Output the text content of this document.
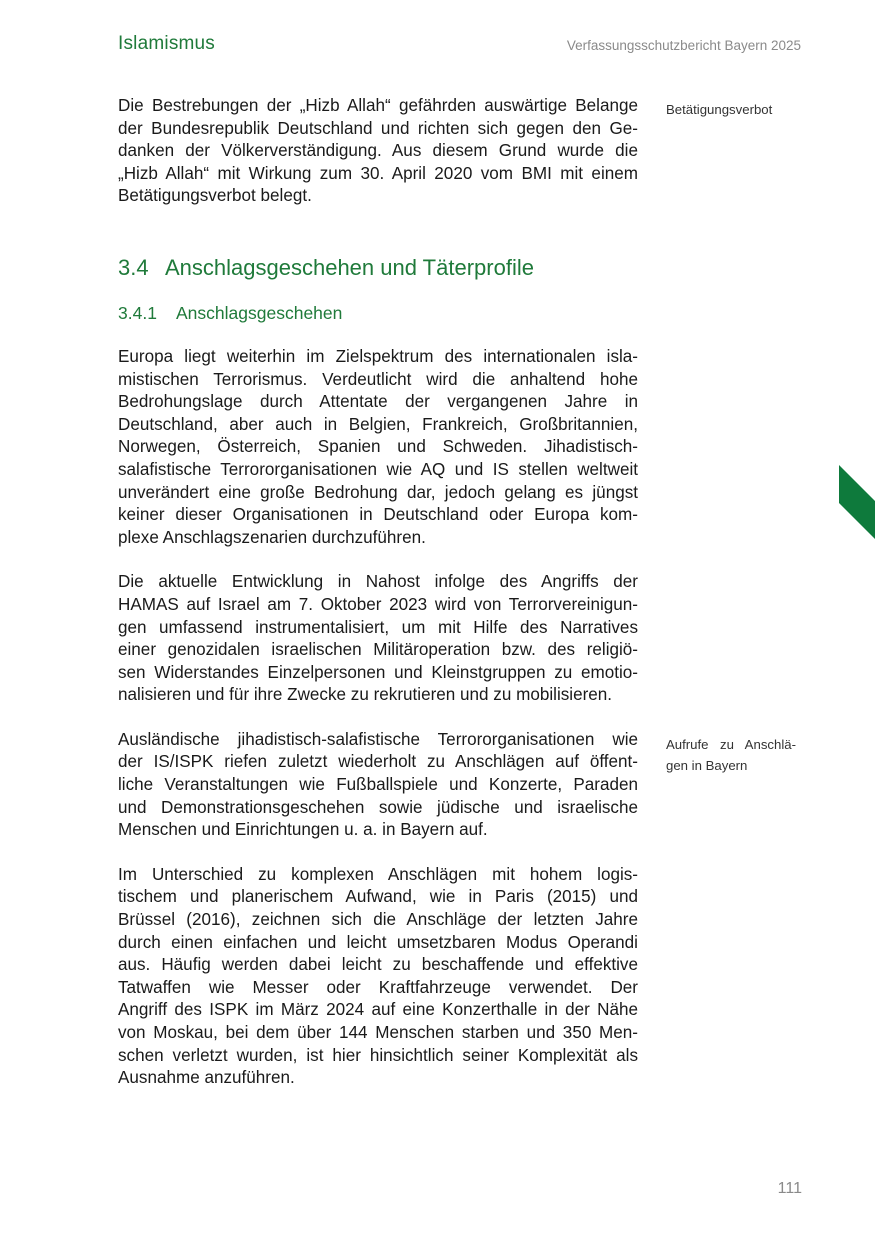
Islamismus	Verfassungsschutzbericht Bayern 2025

Die Bestrebungen der „Hizb Allah“ gefährden auswärtige Belange
der Bundesrepublik Deutschland und richten sich gegen den Ge-
danken der Völkerverständigung. Aus diesem Grund wurde die
„Hizb Allah“ mit Wirkung zum 30. April 2020 vom BMI mit einem
Betätigungsverbot belegt.

3.4 Anschlagsgeschehen und Täterprofile
3.4.1 Anschlagsgeschehen

Europa liegt weiterhin im Zielspektrum des internationalen isla-
mistischen Terrorismus. Verdeutlicht wird die anhaltend hohe
Bedrohungslage durch Attentate der vergangenen Jahre in
Deutschland, aber auch in Belgien, Frankreich, Großbritannien,
Norwegen, Österreich, Spanien und Schweden. Jihadistisch-
salafistische Terrororganisationen wie AQ und IS stellen weltweit
unverändert eine große Bedrohung dar, jedoch gelang es jüngst
keiner dieser Organisationen in Deutschland oder Europa kom-
plexe Anschlagszenarien durchzuführen.

Die aktuelle Entwicklung in Nahost infolge des Angriffs der
HAMAS auf Israel am 7. Oktober 2023 wird von Terrorvereinigun-
gen umfassend instrumentalisiert, um mit Hilfe des Narratives
einer genozidalen israelischen Militäroperation bzw. des religiö-
sen Widerstandes Einzelpersonen und Kleinstgruppen zu emotio-
nalisieren und für ihre Zwecke zu rekrutieren und zu mobilisieren.

Ausländische jihadistisch-salafistische Terrororganisationen wie
der IS/ISPK riefen zuletzt wiederholt zu Anschlägen auf öffent-
liche Veranstaltungen wie Fußballspiele und Konzerte, Paraden
und Demonstrationsgeschehen sowie jüdische und israelische
Menschen und Einrichtungen u. a. in Bayern auf.

Im Unterschied zu komplexen Anschlägen mit hohem logis-
tischem und planerischem Aufwand, wie in Paris (2015) und
Brüssel (2016), zeichnen sich die Anschläge der letzten Jahre
durch einen einfachen und leicht umsetzbaren Modus Operandi
aus. Häufig werden dabei leicht zu beschaffende und effektive
Tatwaffen wie Messer oder Kraftfahrzeuge verwendet. Der
Angriff des ISPK im März 2024 auf eine Konzerthalle in der Nähe
von Moskau, bei dem über 144 Menschen starben und 350 Men-
schen verletzt wurden, ist hier hinsichtlich seiner Komplexität als
Ausnahme anzuführen.

Betätigungsverbot
Aufrufe zu Anschlä-
gen in Bayern
111
